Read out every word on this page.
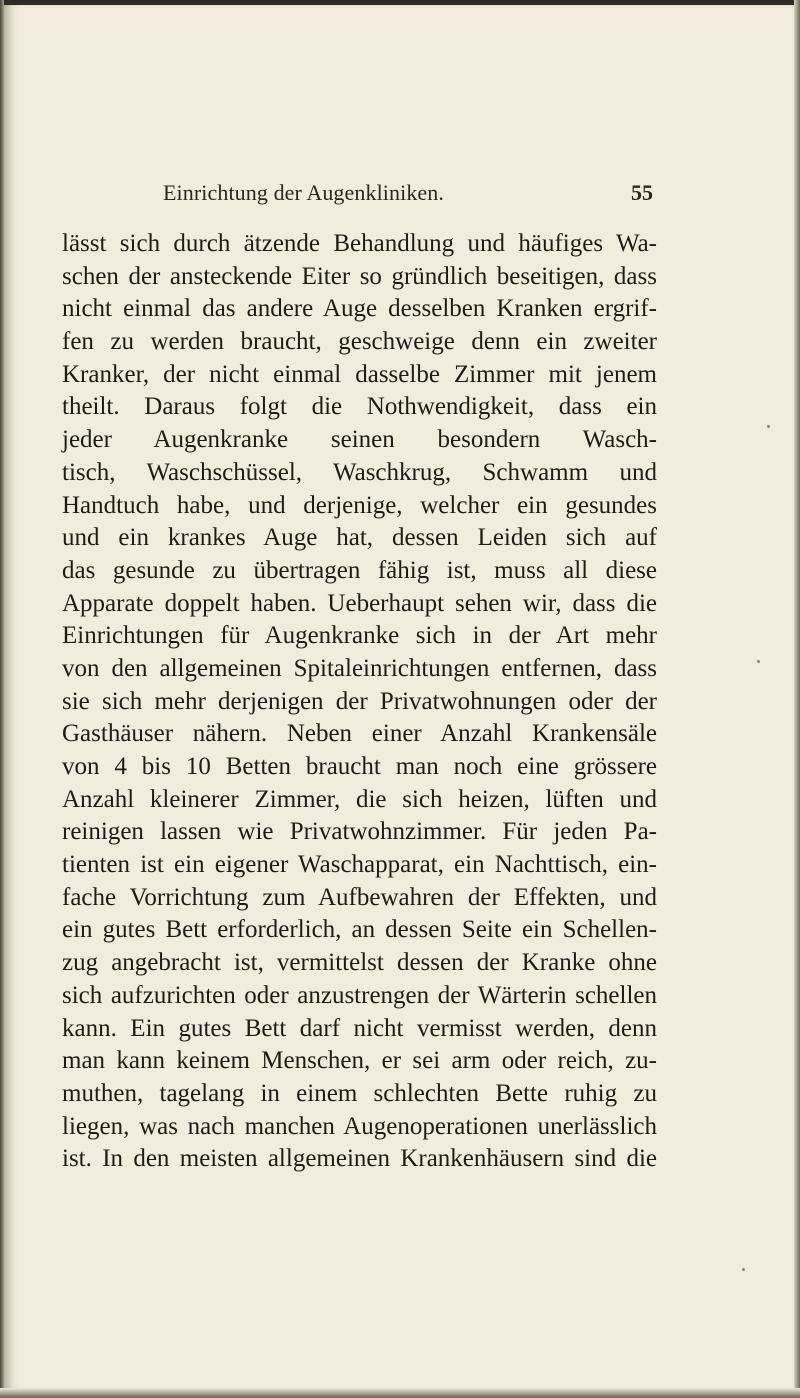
Einrichtung der Augenkliniken.	55
lässt sich durch ätzende Behandlung und häufiges Wa-
schen der ansteckende Eiter so gründlich beseitigen, dass
nicht einmal das andere Auge desselben Kranken ergrif-
fen zu werden braucht, geschweige denn ein zweiter
Kranker, der nicht einmal dasselbe Zimmer mit jenem
theilt. Daraus folgt die Nothwendigkeit, dass ein
jeder Augenkranke seinen besondern Wasch-
tisch, Waschschüssel, Waschkrug, Schwamm und
Handtuch habe, und derjenige, welcher ein gesundes
und ein krankes Auge hat, dessen Leiden sich auf
das gesunde zu übertragen fähig ist, muss all diese
Apparate doppelt haben. Ueberhaupt sehen wir, dass die
Einrichtungen für Augenkranke sich in der Art mehr
von den allgemeinen Spitaleinrichtungen entfernen, dass
sie sich mehr derjenigen der Privatwohnungen oder der
Gasthäuser nähern. Neben einer Anzahl Krankensäle
von 4 bis 10 Betten braucht man noch eine grössere
Anzahl kleinerer Zimmer, die sich heizen, lüften und
reinigen lassen wie Privatwohnzimmer. Für jeden Pa-
tienten ist ein eigener Waschapparat, ein Nachttisch, ein-
fache Vorrichtung zum Aufbewahren der Effekten, und
ein gutes Bett erforderlich, an dessen Seite ein Schellen-
zug angebracht ist, vermittelst dessen der Kranke ohne
sich aufzurichten oder anzustrengen der Wärterin schellen
kann. Ein gutes Bett darf nicht vermisst werden, denn
man kann keinem Menschen, er sei arm oder reich, zu-
muthen, tagelang in einem schlechten Bette ruhig zu
liegen, was nach manchen Augenoperationen unerlässlich
ist. In den meisten allgemeinen Krankenhäusern sind die
